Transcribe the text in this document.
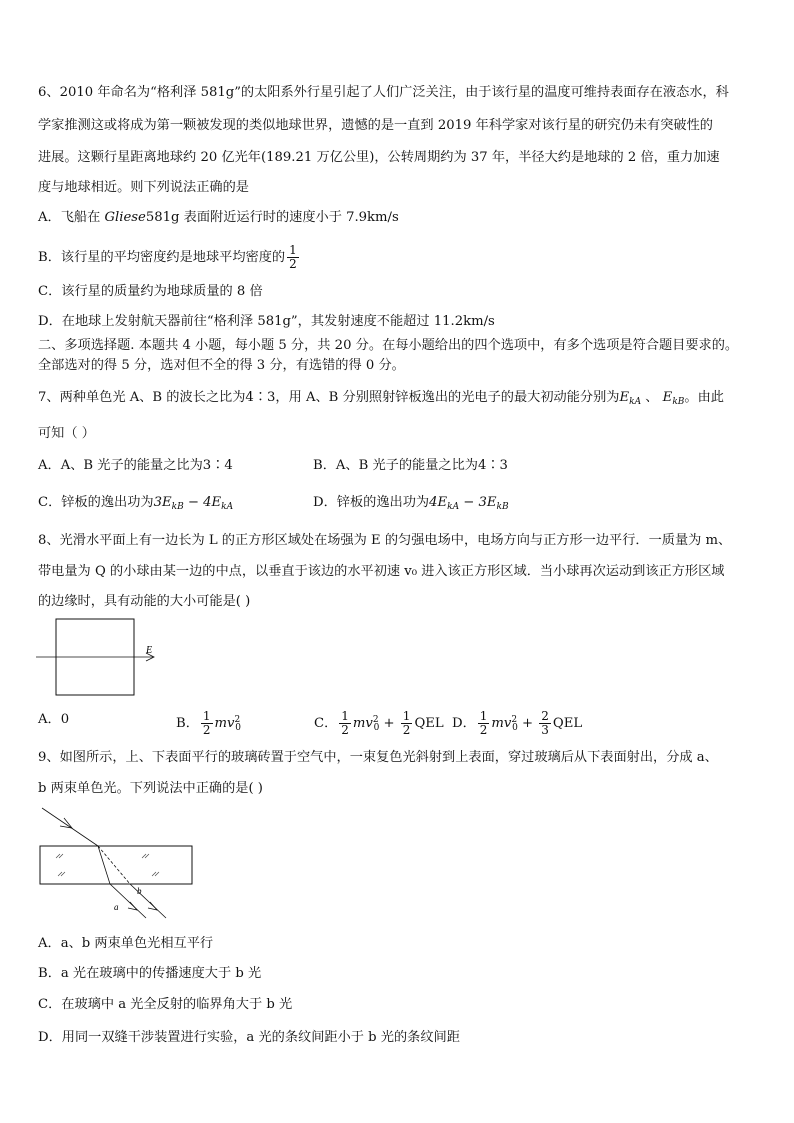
6、2010 年命名为“格利泽 581g”的太阳系外行星引起了人们广泛关注，由于该行星的温度可维持表面存在液态水，科
学家推测这或将成为第一颗被发现的类似地球世界，遗憾的是一直到 2019 年科学家对该行星的研究仍未有突破性的
进展。这颗行星距离地球约 20 亿光年(189.21 万亿公里)，公转周期约为 37 年，半径大约是地球的 2 倍，重力加速
度与地球相近。则下列说法正确的是
A．飞船在 Gliese581g 表面附近运行时的速度小于 7.9km/s
B．该行星的平均密度约是地球平均密度的 $\frac{1}{2}$
C．该行星的质量约为地球质量的 8 倍
D．在地球上发射航天器前往“格利泽 581g”，其发射速度不能超过 11.2km/s
二、多项选择题. 本题共 4 小题，每小题 5 分，共 20 分。在每小题给出的四个选项中，有多个选项是符合题目要求的。
全部选对的得 5 分，选对但不全的得 3 分，有选错的得 0 分。
7、两种单色光 A、B 的波长之比为4∶3，用 A、B 分别照射锌板逸出的光电子的最大初动能分别为$E_{kA}$ 、 $E_{kB}$。由此
可知（ ）
A．A、B 光子的能量之比为3∶4	B．A、B 光子的能量之比为4∶3
C．锌板的逸出功为$3E_{kB} - 4E_{kA}$	D．锌板的逸出功为$4E_{kA} - 3E_{kB}$
8、光滑水平面上有一边长为 L 的正方形区域处在场强为 E 的匀强电场中，电场方向与正方形一边平行．一质量为 m、
带电量为 Q 的小球由某一边的中点，以垂直于该边的水平初速 v₀ 进入该正方形区域．当小球再次运动到该正方形区域
的边缘时，具有动能的大小可能是( )
E
A．0	B． $\frac{1}{2} mv^2_0$	C． $\frac{1}{2} mv^2_0 + \frac{1}{2}$ QEL D． $\frac{1}{2} mv^2_0 + \frac{2}{3}$ QEL
9、如图所示，上、下表面平行的玻璃砖置于空气中，一束复色光斜射到上表面，穿过玻璃后从下表面射出，分成 a、
b 两束单色光。下列说法中正确的是( )
a
b
A．a、b 两束单色光相互平行
B．a 光在玻璃中的传播速度大于 b 光
C．在玻璃中 a 光全反射的临界角大于 b 光
D．用同一双缝干涉装置进行实验，a 光的条纹间距小于 b 光的条纹间距
